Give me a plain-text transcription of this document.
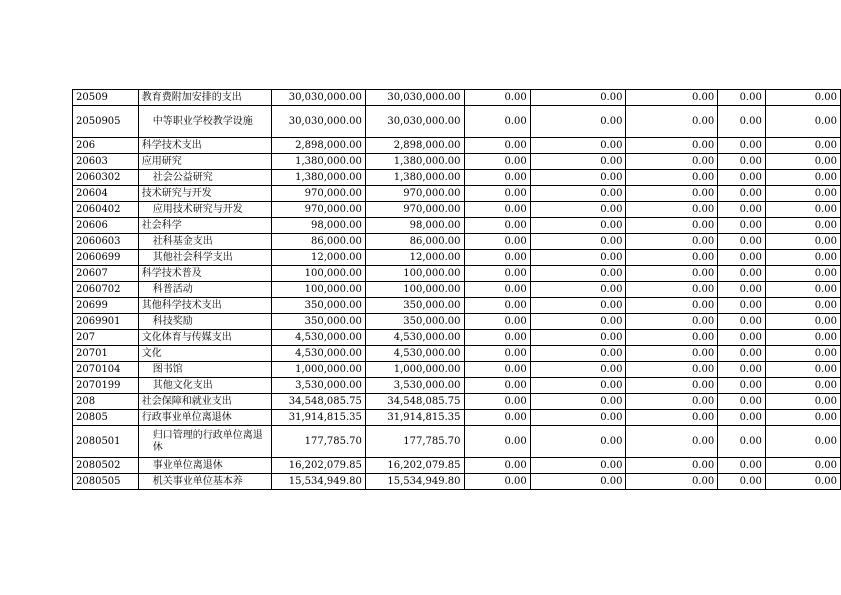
20509	教育费附加安排的支出	30,030,000.00	30,030,000.00	0.00	0.00	0.00	0.00	0.00
2050905	中等职业学校教学设施	30,030,000.00	30,030,000.00	0.00	0.00	0.00	0.00	0.00
206	科学技术支出	2,898,000.00	2,898,000.00	0.00	0.00	0.00	0.00	0.00
20603	应用研究	1,380,000.00	1,380,000.00	0.00	0.00	0.00	0.00	0.00
2060302	社会公益研究	1,380,000.00	1,380,000.00	0.00	0.00	0.00	0.00	0.00
20604	技术研究与开发	970,000.00	970,000.00	0.00	0.00	0.00	0.00	0.00
2060402	应用技术研究与开发	970,000.00	970,000.00	0.00	0.00	0.00	0.00	0.00
20606	社会科学	98,000.00	98,000.00	0.00	0.00	0.00	0.00	0.00
2060603	社科基金支出	86,000.00	86,000.00	0.00	0.00	0.00	0.00	0.00
2060699	其他社会科学支出	12,000.00	12,000.00	0.00	0.00	0.00	0.00	0.00
20607	科学技术普及	100,000.00	100,000.00	0.00	0.00	0.00	0.00	0.00
2060702	科普活动	100,000.00	100,000.00	0.00	0.00	0.00	0.00	0.00
20699	其他科学技术支出	350,000.00	350,000.00	0.00	0.00	0.00	0.00	0.00
2069901	科技奖励	350,000.00	350,000.00	0.00	0.00	0.00	0.00	0.00
207	文化体育与传媒支出	4,530,000.00	4,530,000.00	0.00	0.00	0.00	0.00	0.00
20701	文化	4,530,000.00	4,530,000.00	0.00	0.00	0.00	0.00	0.00
2070104	图书馆	1,000,000.00	1,000,000.00	0.00	0.00	0.00	0.00	0.00
2070199	其他文化支出	3,530,000.00	3,530,000.00	0.00	0.00	0.00	0.00	0.00
208	社会保障和就业支出	34,548,085.75	34,548,085.75	0.00	0.00	0.00	0.00	0.00
20805	行政事业单位离退休	31,914,815.35	31,914,815.35	0.00	0.00	0.00	0.00	0.00
2080501	归口管理的行政单位离退休	177,785.70	177,785.70	0.00	0.00	0.00	0.00	0.00
2080502	事业单位离退休	16,202,079.85	16,202,079.85	0.00	0.00	0.00	0.00	0.00
2080505	机关事业单位基本养	15,534,949.80	15,534,949.80	0.00	0.00	0.00	0.00	0.00
